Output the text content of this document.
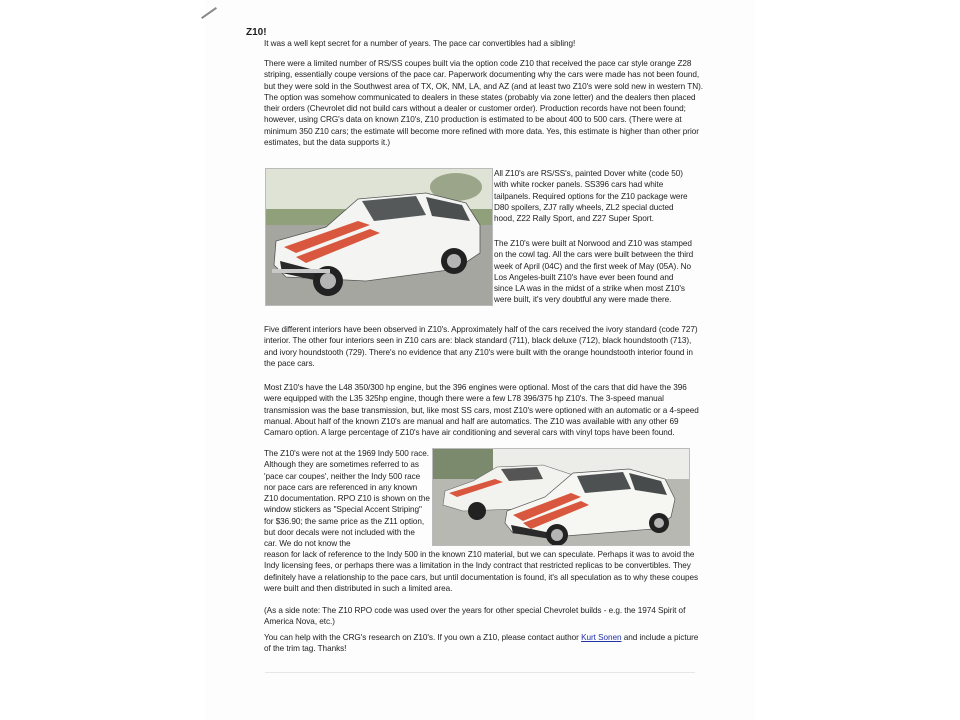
Z10!
It was a well kept secret for a number of years. The pace car convertibles had a sibling!
There were a limited number of RS/SS coupes built via the option code Z10 that received the pace car style orange Z28 striping, essentially coupe versions of the pace car. Paperwork documenting why the cars were made has not been found, but they were sold in the Southwest area of TX, OK, NM, LA, and AZ (and at least two Z10's were sold new in western TN). The option was somehow communicated to dealers in these states (probably via zone letter) and the dealers then placed their orders (Chevrolet did not build cars without a dealer or customer order). Production records have not been found; however, using CRG's data on known Z10's, Z10 production is estimated to be about 400 to 500 cars. (There were at minimum 350 Z10 cars; the estimate will become more refined with more data. Yes, this estimate is higher than other prior estimates, but the data supports it.)
All Z10's are RS/SS's, painted Dover white (code 50) with white rocker panels. SS396 cars had white tailpanels. Required options for the Z10 package were D80 spoilers, ZJ7 rally wheels, ZL2 special ducted hood, Z22 Rally Sport, and Z27 Super Sport.
The Z10's were built at Norwood and Z10 was stamped on the cowl tag. All the cars were built between the third week of April (04C) and the first week of May (05A). No Los Angeles-built Z10's have ever been found and since LA was in the midst of a strike when most Z10's were built, it's very doubtful any were made there.
Five different interiors have been observed in Z10's. Approximately half of the cars received the ivory standard (code 727) interior. The other four interiors seen in Z10 cars are: black standard (711), black deluxe (712), black houndstooth (713), and ivory houndstooth (729). There's no evidence that any Z10's were built with the orange houndstooth interior found in the pace cars.
Most Z10's have the L48 350/300 hp engine, but the 396 engines were optional. Most of the cars that did have the 396 were equipped with the L35 325hp engine, though there were a few L78 396/375 hp Z10's. The 3-speed manual transmission was the base transmission, but, like most SS cars, most Z10's were optioned with an automatic or a 4-speed manual. About half of the known Z10's are manual and half are automatics. The Z10 was available with any other 69 Camaro option. A large percentage of Z10's have air conditioning and several cars with vinyl tops have been found.
The Z10's were not at the 1969 Indy 500 race. Although they are sometimes referred to as 'pace car coupes', neither the Indy 500 race nor pace cars are referenced in any known Z10 documentation. RPO Z10 is shown on the window stickers as "Special Accent Striping" for $36.90; the same price as the Z11 option, but door decals were not included with the car. We do not know the
reason for lack of reference to the Indy 500 in the known Z10 material, but we can speculate. Perhaps it was to avoid the Indy licensing fees, or perhaps there was a limitation in the Indy contract that restricted replicas to be convertibles. They definitely have a relationship to the pace cars, but until documentation is found, it's all speculation as to why these coupes were built and then distributed in such a limited area.
(As a side note: The Z10 RPO code was used over the years for other special Chevrolet builds - e.g. the 1974 Spirit of America Nova, etc.)
You can help with the CRG's research on Z10's. If you own a Z10, please contact author Kurt Sonen and include a picture of the trim tag. Thanks!
